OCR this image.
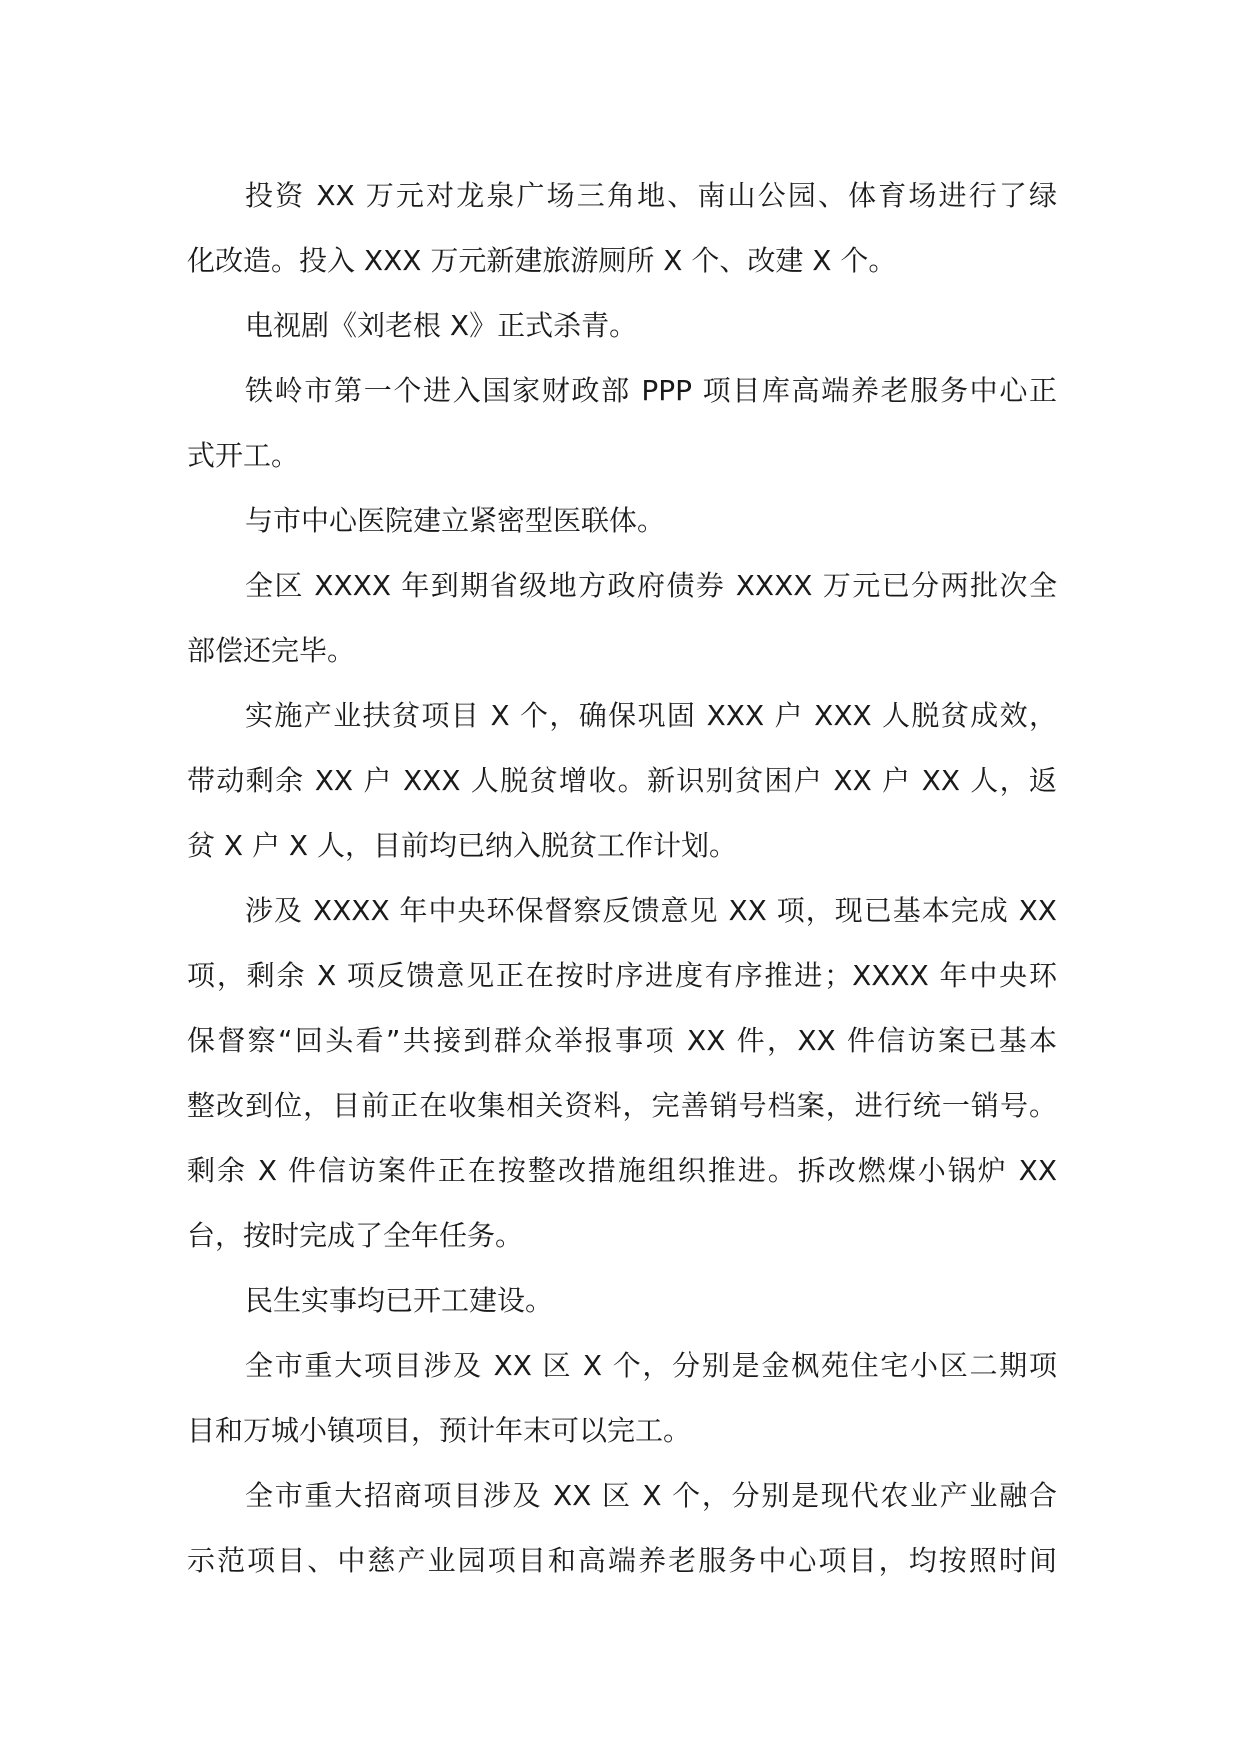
投资 XX 万元对龙泉广场三角地、南山公园、体育场进行了绿
化改造。投入 XXX 万元新建旅游厕所 X 个、改建 X 个。

电视剧《刘老根 X》正式杀青。

铁岭市第一个进入国家财政部 PPP 项目库高端养老服务中心正
式开工。

与市中心医院建立紧密型医联体。

全区 XXXX 年到期省级地方政府债券 XXXX 万元已分两批次全
部偿还完毕。

实施产业扶贫项目 X 个，确保巩固 XXX 户 XXX 人脱贫成效，
带动剩余 XX 户 XXX 人脱贫增收。新识别贫困户 XX 户 XX 人，返
贫 X 户 X 人，目前均已纳入脱贫工作计划。

涉及 XXXX 年中央环保督察反馈意见 XX 项，现已基本完成 XX
项，剩余 X 项反馈意见正在按时序进度有序推进；XXXX 年中央环
保督察“回头看”共接到群众举报事项 XX 件，XX 件信访案已基本
整改到位，目前正在收集相关资料，完善销号档案，进行统一销号。
剩余 X 件信访案件正在按整改措施组织推进。拆改燃煤小锅炉 XX
台，按时完成了全年任务。

民生实事均已开工建设。

全市重大项目涉及 XX 区 X 个，分别是金枫苑住宅小区二期项
目和万城小镇项目，预计年末可以完工。

全市重大招商项目涉及 XX 区 X 个，分别是现代农业产业融合
示范项目、中慈产业园项目和高端养老服务中心项目，均按照时间
